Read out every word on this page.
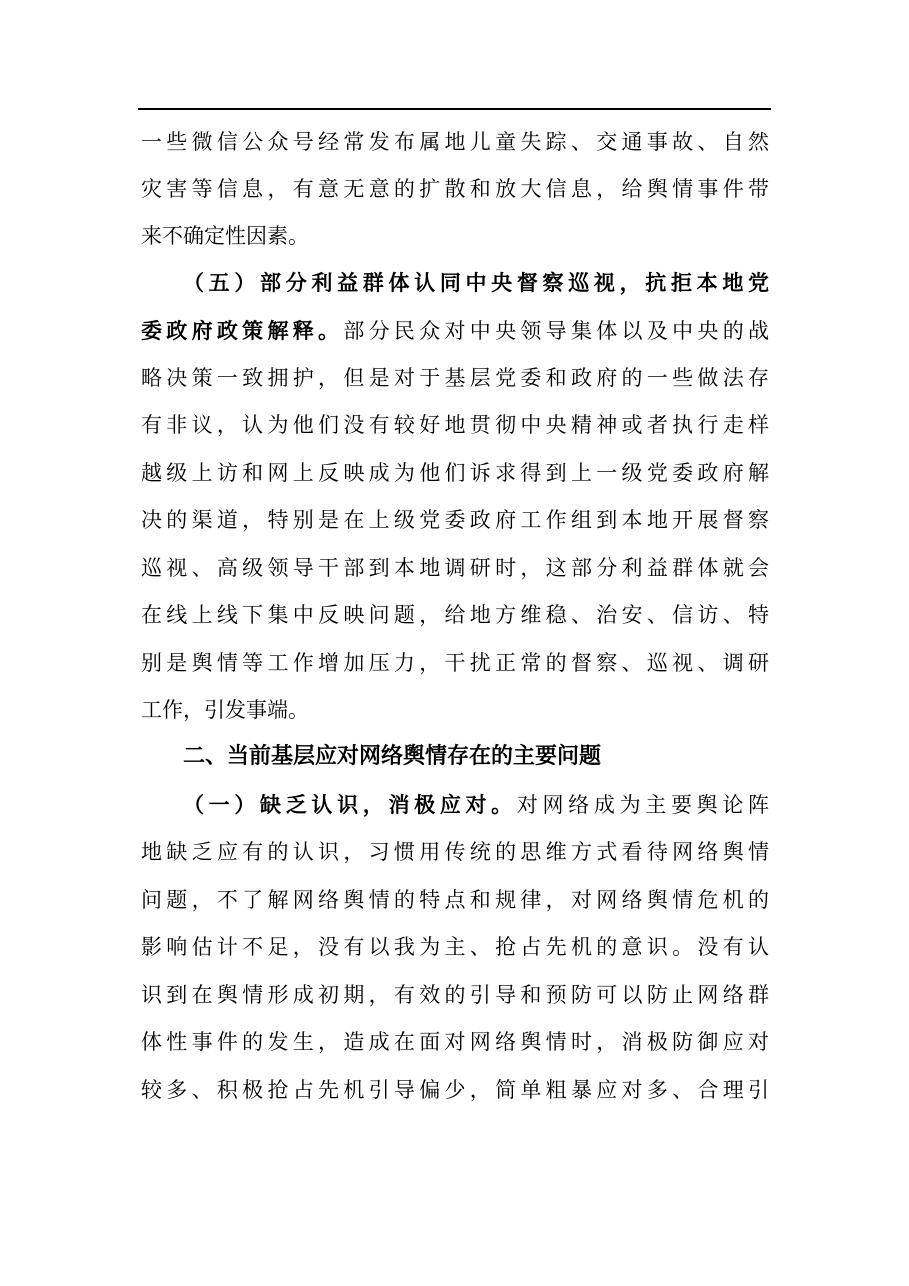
一些微信公众号经常发布属地儿童失踪、交通事故、自然
灾害等信息，有意无意的扩散和放大信息，给舆情事件带
来不确定性因素。
（五）部分利益群体认同中央督察巡视，抗拒本地党
委政府政策解释。部分民众对中央领导集体以及中央的战
略决策一致拥护，但是对于基层党委和政府的一些做法存
有非议，认为他们没有较好地贯彻中央精神或者执行走样
越级上访和网上反映成为他们诉求得到上一级党委政府解
决的渠道，特别是在上级党委政府工作组到本地开展督察
巡视、高级领导干部到本地调研时，这部分利益群体就会
在线上线下集中反映问题，给地方维稳、治安、信访、特
别是舆情等工作增加压力，干扰正常的督察、巡视、调研
工作，引发事端。
二、当前基层应对网络舆情存在的主要问题
（一）缺乏认识，消极应对。对网络成为主要舆论阵
地缺乏应有的认识，习惯用传统的思维方式看待网络舆情
问题，不了解网络舆情的特点和规律，对网络舆情危机的
影响估计不足，没有以我为主、抢占先机的意识。没有认
识到在舆情形成初期，有效的引导和预防可以防止网络群
体性事件的发生，造成在面对网络舆情时，消极防御应对
较多、积极抢占先机引导偏少，简单粗暴应对多、合理引
